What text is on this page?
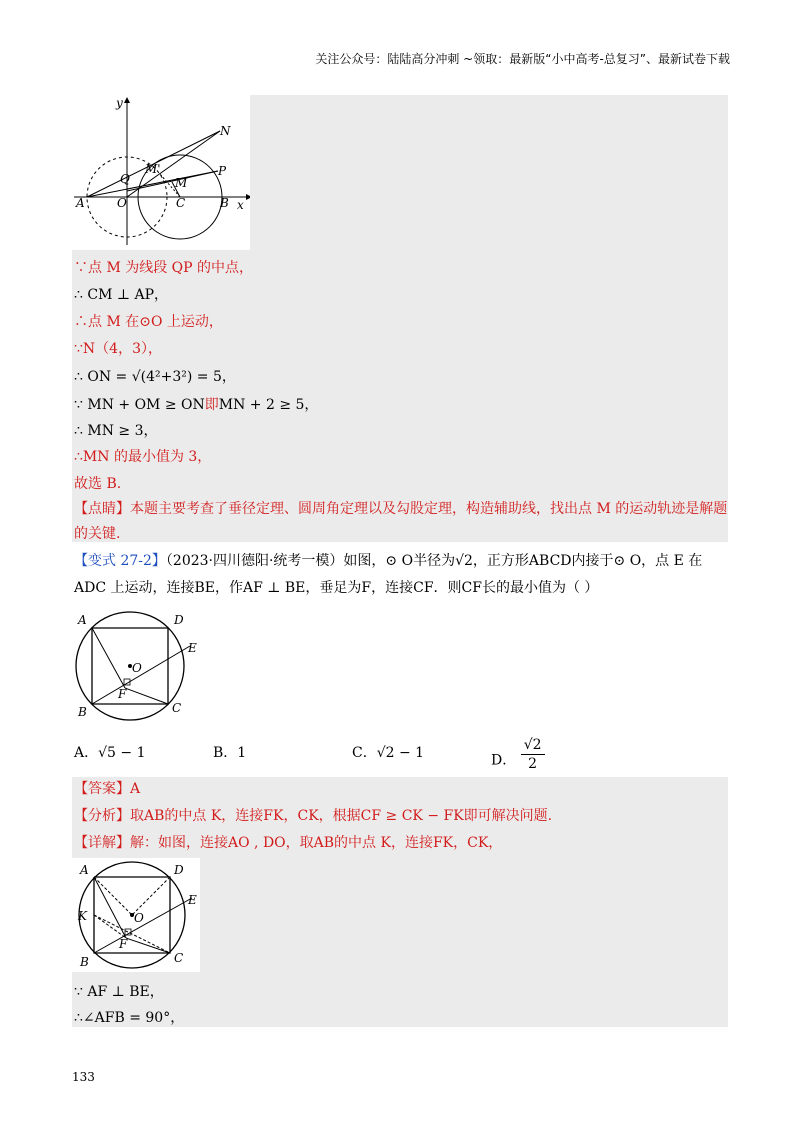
关注公众号：陆陆高分冲刺 ~领取：最新版“小中高考-总复习”、最新试卷下载
y
x
N
P
Q
M'
M
A	O	C	B
∵点 M 为线段 QP 的中点，
∴ CM ⊥ AP，
∴点 M 在⊙O 上运动，
∵N（4，3），
∴ ON = √(4²+3²) = 5，
∵ MN + OM ≥ ON即MN + 2 ≥ 5，
∴ MN ≥ 3，
∴MN 的最小值为 3，
故选 B.
【点睛】本题主要考查了垂径定理、圆周角定理以及勾股定理，构造辅助线，找出点 M 的运动轨迹是解题
的关键.
【变式 27-2】（2023·四川德阳·统考一模）如图，⊙ O半径为√2，正方形ABCD内接于⊙ O，点 E 在
ADC 上运动，连接BE，作AF ⊥ BE，垂足为F，连接CF．则CF长的最小值为（ ）
A	D
E
O
F
B	C
A．√5 − 1	B．1	C．√2 − 1	D． $\frac{√2}{2}$
【答案】A
【分析】取AB的中点 K，连接FK，CK，根据CF ≥ CK − FK即可解决问题.
【详解】解：如图，连接AO , DO，取AB的中点 K，连接FK，CK，
A	D
E
K	O
F
B	C
∵ AF ⊥ BE，
∴∠AFB = 90°，
133
